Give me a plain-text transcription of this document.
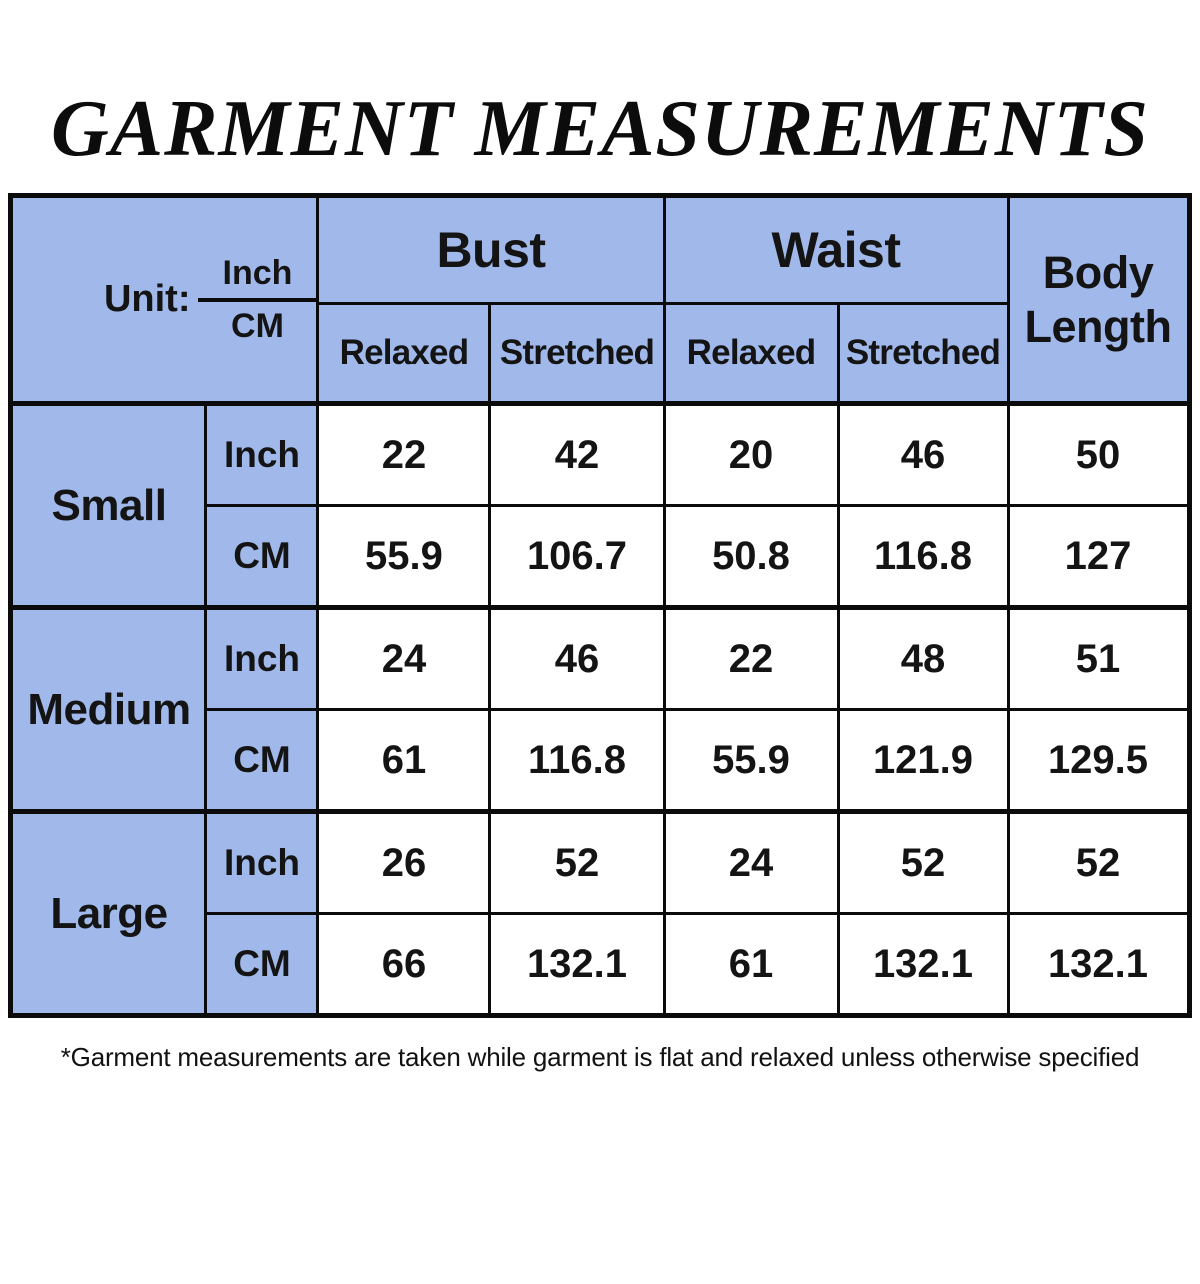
GARMENT MEASUREMENTS
Unit: $\frac{\text{Inch}}{CM}$		Bust		Waist		Body Length
		Relaxed	Stretched	Relaxed	Stretched	
Small	Inch	22	42	20	46	50
	CM	55.9	106.7	50.8	116.8	127
Medium	Inch	24	46	22	48	51
	CM	61	116.8	55.9	121.9	129.5
Large	Inch	26	52	24	52	52
	CM	66	132.1	61	132.1	132.1
*Garment measurements are taken while garment is flat and relaxed unless otherwise specified
